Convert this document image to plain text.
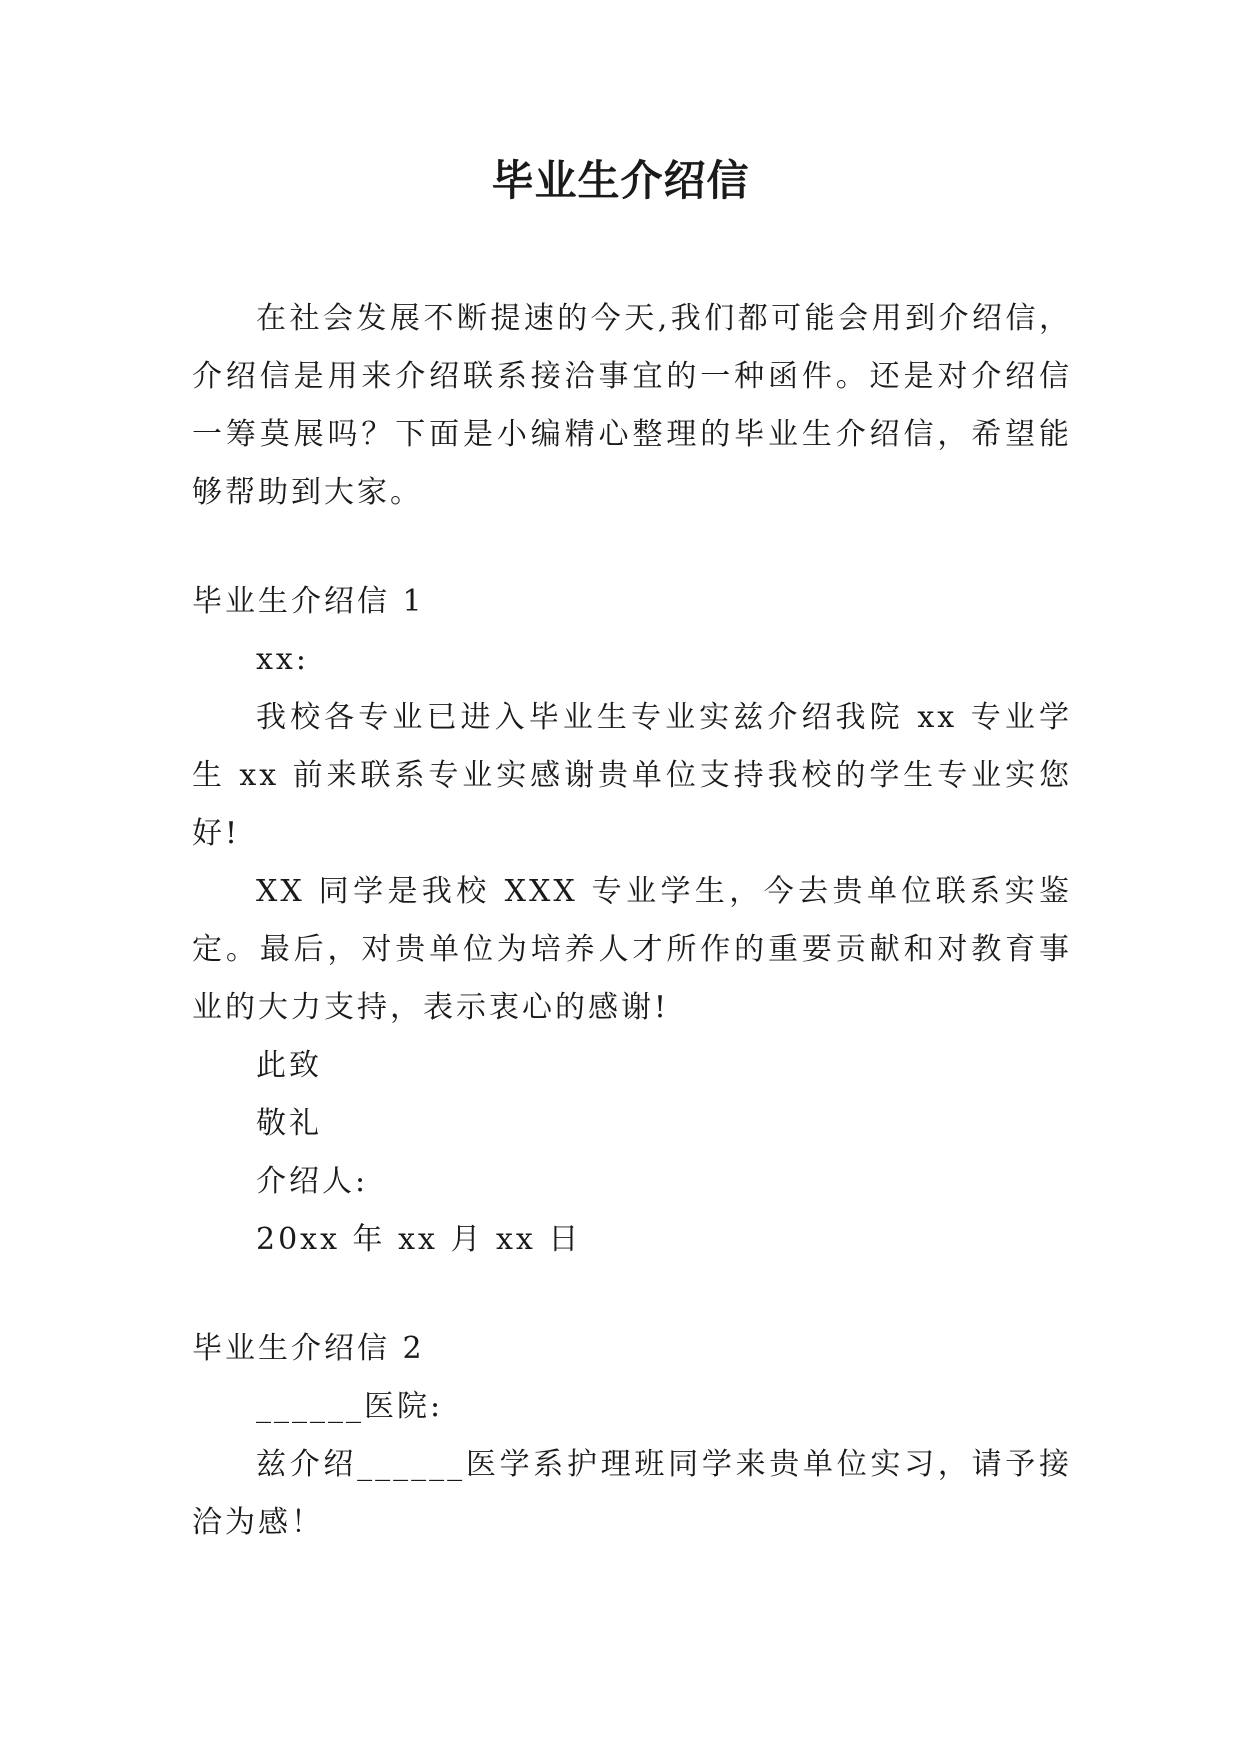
毕业生介绍信

在社会发展不断提速的今天,我们都可能会用到介绍信，介绍信是用来介绍联系接洽事宜的一种函件。还是对介绍信一筹莫展吗？下面是小编精心整理的毕业生介绍信，希望能够帮助到大家。

毕业生介绍信 1

xx:

我校各专业已进入毕业生专业实兹介绍我院 xx 专业学生 xx 前来联系专业实感谢贵单位支持我校的学生专业实您好!

XX 同学是我校 XXX 专业学生，今去贵单位联系实鉴定。最后，对贵单位为培养人才所作的重要贡献和对教育事业的大力支持，表示衷心的感谢!

此致

敬礼

介绍人:

20xx 年 xx 月 xx 日

毕业生介绍信 2

______医院:

兹介绍______医学系护理班同学来贵单位实习，请予接洽为感！
